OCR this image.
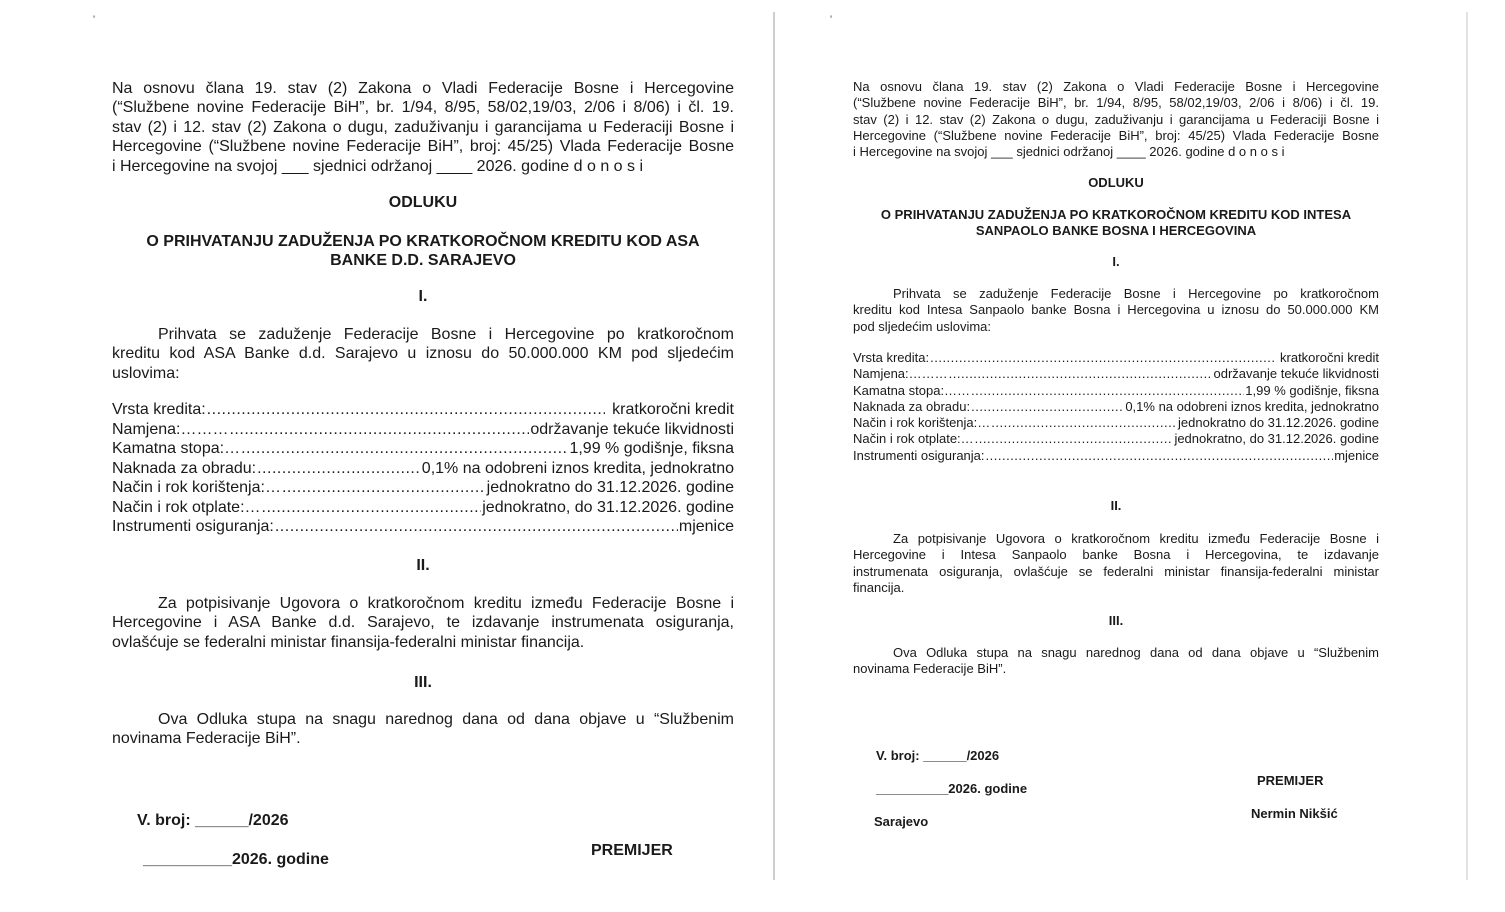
'
Na osnovu člana 19. stav (2) Zakona o Vladi Federacije Bosne i Hercegovine
(“Službene novine Federacije BiH”, br. 1/94, 8/95, 58/02,19/03, 2/06 i 8/06) i čl. 19.
stav (2) i 12. stav (2) Zakona o dugu, zaduživanju i garancijama u Federaciji Bosne i
Hercegovine (“Službene novine Federacije BiH”, broj: 45/25) Vlada Federacije Bosne
i Hercegovine na svojoj ___ sjednici održanoj ____ 2026. godine d o n o s i
ODLUKU
O PRIHVATANJU ZADUŽENJA PO KRATKOROČNOM KREDITU KOD ASA
BANKE D.D. SARAJEVO
I.
Prihvata se zaduženje Federacije Bosne i Hercegovine po kratkoročnom
kreditu kod ASA Banke d.d. Sarajevo u iznosu do 50.000.000 KM pod sljedećim
uslovima:
Vrsta kredita: .....	kratkoročni kredit
Namjena:……… .....	održavanje tekuće likvidnosti
Kamatna stopa:… .....	1,99 % godišnje, fiksna
Naknada za obradu: .....	0,1% na odobreni iznos kredita, jednokratno
Način i rok korištenja:… .....	jednokratno do 31.12.2026. godine
Način i rok otplate:… .....	jednokratno, do 31.12.2026. godine
Instrumenti osiguranja: .....	mjenice
II.
Za potpisivanje Ugovora o kratkoročnom kreditu između Federacije Bosne i
Hercegovine i ASA Banke d.d. Sarajevo, te izdavanje instrumenata osiguranja,
ovlašćuje se federalni ministar finansija-federalni ministar financija.
III.
Ova Odluka stupa na snagu narednog dana od dana objave u “Službenim
novinama Federacije BiH”.
V. broj: ______/2026
__________2026. godine
PREMIJER
'
Na osnovu člana 19. stav (2) Zakona o Vladi Federacije Bosne i Hercegovine
(“Službene novine Federacije BiH”, br. 1/94, 8/95, 58/02,19/03, 2/06 i 8/06) i čl. 19.
stav (2) i 12. stav (2) Zakona o dugu, zaduživanju i garancijama u Federaciji Bosne i
Hercegovine (“Službene novine Federacije BiH”, broj: 45/25) Vlada Federacije Bosne
i Hercegovine na svojoj ___ sjednici održanoj ____ 2026. godine d o n o s i
ODLUKU
O PRIHVATANJU ZADUŽENJA PO KRATKOROČNOM KREDITU KOD INTESA
SANPAOLO BANKE BOSNA I HERCEGOVINA
I.
Prihvata se zaduženje Federacije Bosne i Hercegovine po kratkoročnom
kreditu kod Intesa Sanpaolo banke Bosna i Hercegovina u iznosu do 50.000.000 KM
pod sljedećim uslovima:
Vrsta kredita: .....	kratkoročni kredit
Namjena:……… .....	održavanje tekuće likvidnosti
Kamatna stopa:…… .....	1,99 % godišnje, fiksna
Naknada za obradu: .....	0,1% na odobreni iznos kredita, jednokratno
Način i rok korištenja:… .....	jednokratno do 31.12.2026. godine
Način i rok otplate:… .....	jednokratno, do 31.12.2026. godine
Instrumenti osiguranja: .....	mjenice
II.
Za potpisivanje Ugovora o kratkoročnom kreditu između Federacije Bosne i
Hercegovine i Intesa Sanpaolo banke Bosna i Hercegovina, te izdavanje
instrumenata osiguranja, ovlašćuje se federalni ministar finansija-federalni ministar
financija.
III.
Ova Odluka stupa na snagu narednog dana od dana objave u “Službenim
novinama Federacije BiH”.
V. broj: ______/2026
__________2026. godine
Sarajevo
PREMIJER
Nermin Nikšić
